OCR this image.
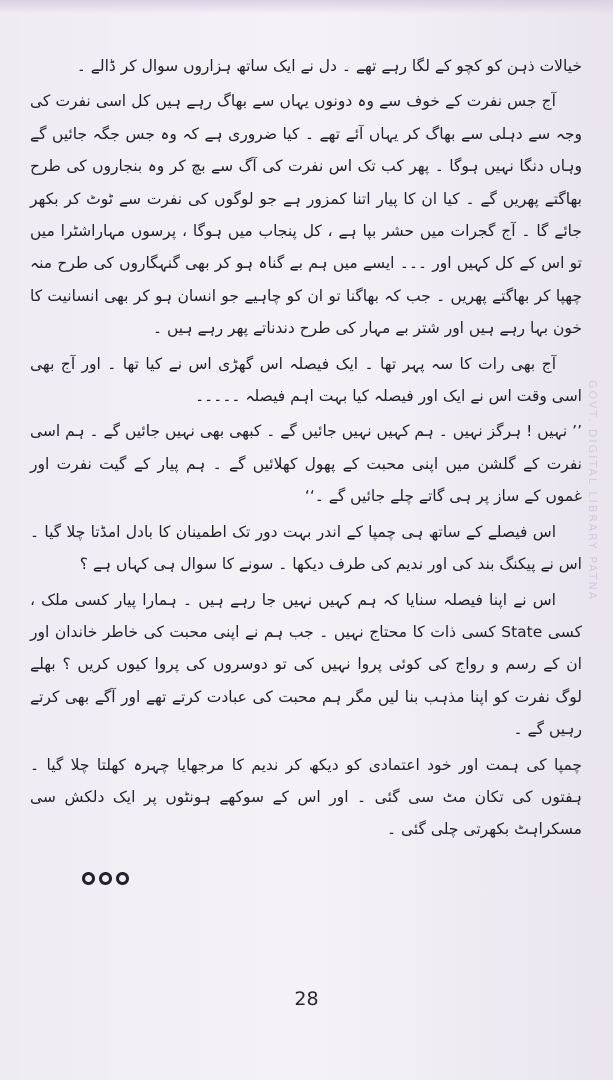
GOVT. DIGITAL LIBRARY PATNA

خیالات ذہن کو کچو کے لگا رہے تھے ۔ دل نے ایک ساتھ ہزاروں سوال کر ڈالے ۔

آج جس نفرت کے خوف سے وہ دونوں یہاں سے بھاگ رہے ہیں کل اسی نفرت کی وجہ سے دہلی سے بھاگ کر یہاں آئے تھے ۔ کیا ضروری ہے کہ وہ جس جگہ جائیں گے وہاں دنگا نہیں ہوگا ۔ پھر کب تک اس نفرت کی آگ سے بچ کر وہ بنجاروں کی طرح بھاگتے پھریں گے ۔ کیا ان کا پیار اتنا کمزور ہے جو لوگوں کی نفرت سے ٹوٹ کر بکھر جائے گا ۔ آج گجرات میں حشر بپا ہے ، کل پنجاب میں ہوگا ، پرسوں مہاراشٹرا میں تو اس کے کل کہیں اور ۔۔۔ ایسے میں ہم بے گناہ ہو کر بھی گنہگاروں کی طرح منہ چھپا کر بھاگتے پھریں ۔ جب کہ بھاگنا تو ان کو چاہیے جو انسان ہو کر بھی انسانیت کا خون بہا رہے ہیں اور شتر بے مہار کی طرح دندناتے پھر رہے ہیں ۔

آج بھی رات کا سہ پہر تھا ۔ ایک فیصلہ اس گھڑی اس نے کیا تھا ۔ اور آج بھی اسی وقت اس نے ایک اور فیصلہ کیا بہت اہم فیصلہ ۔۔۔۔۔

’’ نہیں ! ہرگز نہیں ۔ ہم کہیں نہیں جائیں گے ۔ کبھی بھی نہیں جائیں گے ۔ ہم اسی نفرت کے گلشن میں اپنی محبت کے پھول کھلائیں گے ۔ ہم پیار کے گیت نفرت اور غموں کے ساز پر ہی گاتے چلے جائیں گے ۔‘‘

اس فیصلے کے ساتھ ہی چمپا کے اندر بہت دور تک اطمینان کا بادل امڈتا چلا گیا ۔ اس نے پیکنگ بند کی اور ندیم کی طرف دیکھا ۔ سونے کا سوال ہی کہاں ہے ؟

اس نے اپنا فیصلہ سنایا کہ ہم کہیں نہیں جا رہے ہیں ۔ ہمارا پیار کسی ملک ، کسی State کسی ذات کا محتاج نہیں ۔ جب ہم نے اپنی محبت کی خاطر خاندان اور ان کے رسم و رواج کی کوئی پروا نہیں کی تو دوسروں کی پروا کیوں کریں ؟ بھلے لوگ نفرت کو اپنا مذہب بنا لیں مگر ہم محبت کی عبادت کرتے تھے اور آگے بھی کرتے رہیں گے ۔

چمپا کی ہمت اور خود اعتمادی کو دیکھ کر ندیم کا مرجھایا چہرہ کھلتا چلا گیا ۔ ہفتوں کی تکان مٹ سی گئی ۔ اور اس کے سوکھے ہونٹوں پر ایک دلکش سی مسکراہٹ بکھرتی چلی گئی ۔

28
